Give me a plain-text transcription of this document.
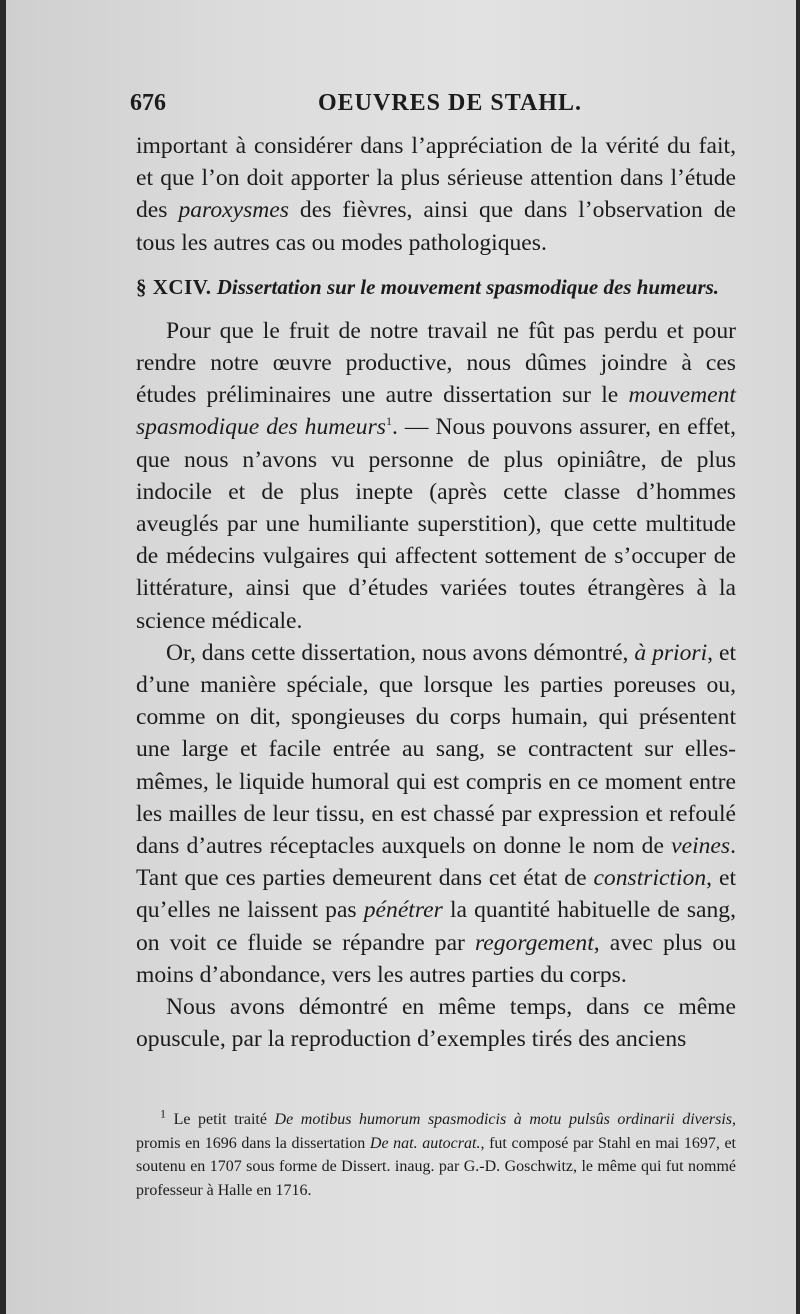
676	OEUVRES DE STAHL.

important à considérer dans l’appréciation de la vérité du fait, et que l’on doit apporter la plus sérieuse attention dans l’étude des paroxysmes des fièvres, ainsi que dans l’observation de tous les autres cas ou modes pathologiques.

§ XCIV. Dissertation sur le mouvement spasmodique des humeurs.

Pour que le fruit de notre travail ne fût pas perdu et pour rendre notre œuvre productive, nous dûmes joindre à ces études préliminaires une autre dissertation sur le mouvement spasmodique des humeurs$^1$. — Nous pouvons assurer, en effet, que nous n’avons vu personne de plus opiniâtre, de plus indocile et de plus inepte (après cette classe d’hommes aveuglés par une humiliante superstition), que cette multitude de médecins vulgaires qui affectent sottement de s’occuper de littérature, ainsi que d’études variées toutes étrangères à la science médicale.

Or, dans cette dissertation, nous avons démontré, à priori, et d’une manière spéciale, que lorsque les parties poreuses ou, comme on dit, spongieuses du corps humain, qui présentent une large et facile entrée au sang, se contractent sur elles-mêmes, le liquide humoral qui est compris en ce moment entre les mailles de leur tissu, en est chassé par expression et refoulé dans d’autres réceptacles auxquels on donne le nom de veines. Tant que ces parties demeurent dans cet état de constriction, et qu’elles ne laissent pas pénétrer la quantité habituelle de sang, on voit ce fluide se répandre par regorgement, avec plus ou moins d’abondance, vers les autres parties du corps.

Nous avons démontré en même temps, dans ce même opuscule, par la reproduction d’exemples tirés des anciens

$^1$ Le petit traité De motibus humorum spasmodicis à motu pulsûs ordinarii diversis, promis en 1696 dans la dissertation De nat. autocrat., fut composé par Stahl en mai 1697, et soutenu en 1707 sous forme de Dissert. inaug. par G.-D. Goschwitz, le même qui fut nommé professeur à Halle en 1716.
